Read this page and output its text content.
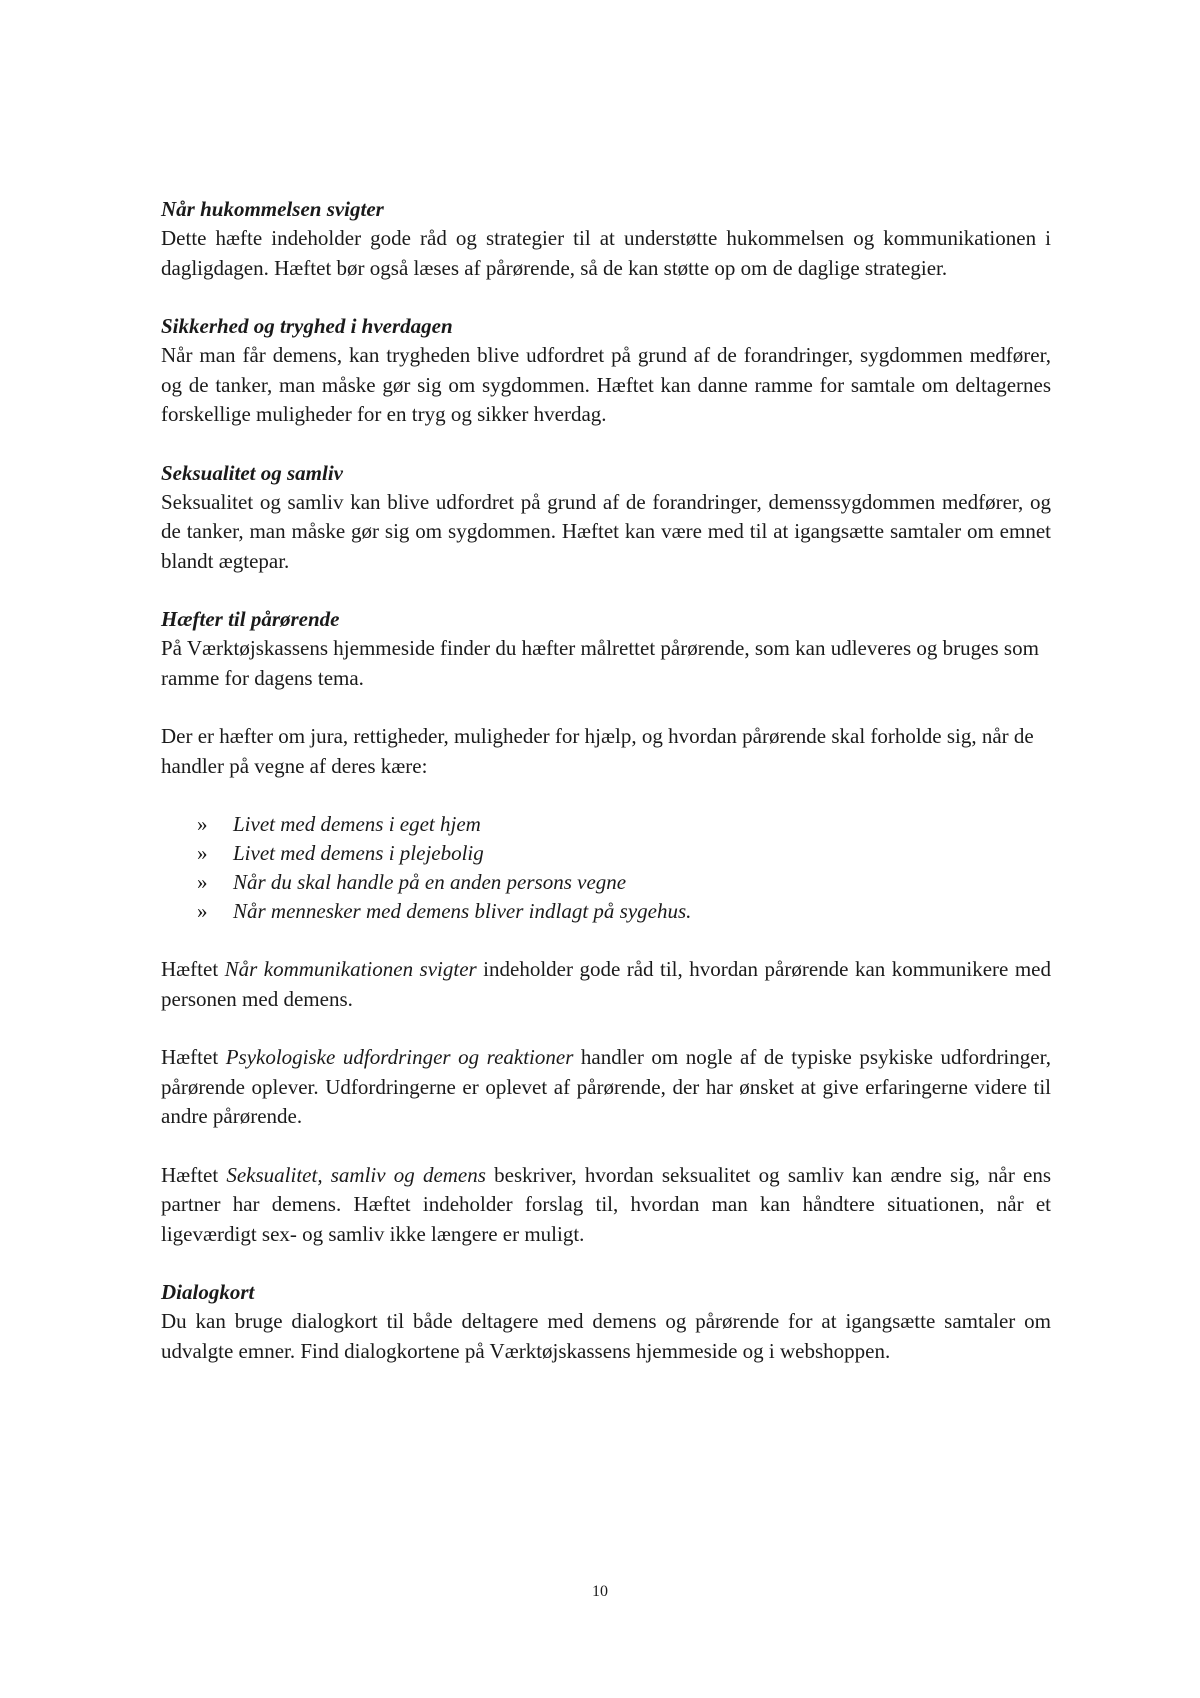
Når hukommelsen svigter

Dette hæfte indeholder gode råd og strategier til at understøtte hukommelsen og kommunikationen i dagligdagen. Hæftet bør også læses af pårørende, så de kan støtte op om de daglige strategier.

Sikkerhed og tryghed i hverdagen

Når man får demens, kan trygheden blive udfordret på grund af de forandringer, sygdommen medfører, og de tanker, man måske gør sig om sygdommen. Hæftet kan danne ramme for samtale om deltagernes forskellige muligheder for en tryg og sikker hverdag.

Seksualitet og samliv

Seksualitet og samliv kan blive udfordret på grund af de forandringer, demenssygdommen medfører, og de tanker, man måske gør sig om sygdommen. Hæftet kan være med til at igangsætte samtaler om emnet blandt ægtepar.

Hæfter til pårørende

På Værktøjskassens hjemmeside finder du hæfter målrettet pårørende, som kan udleveres og bruges som ramme for dagens tema.

Der er hæfter om jura, rettigheder, muligheder for hjælp, og hvordan pårørende skal forholde sig, når de handler på vegne af deres kære:

»	Livet med demens i eget hjem
»	Livet med demens i plejebolig
»	Når du skal handle på en anden persons vegne
»	Når mennesker med demens bliver indlagt på sygehus.

Hæftet Når kommunikationen svigter indeholder gode råd til, hvordan pårørende kan kommunikere med personen med demens.

Hæftet Psykologiske udfordringer og reaktioner handler om nogle af de typiske psykiske udfordringer, pårørende oplever. Udfordringerne er oplevet af pårørende, der har ønsket at give erfaringerne videre til andre pårørende.

Hæftet Seksualitet, samliv og demens beskriver, hvordan seksualitet og samliv kan ændre sig, når ens partner har demens. Hæftet indeholder forslag til, hvordan man kan håndtere situationen, når et ligeværdigt sex- og samliv ikke længere er muligt.

Dialogkort

Du kan bruge dialogkort til både deltagere med demens og pårørende for at igangsætte samtaler om udvalgte emner. Find dialogkortene på Værktøjskassens hjemmeside og i webshoppen.

10
